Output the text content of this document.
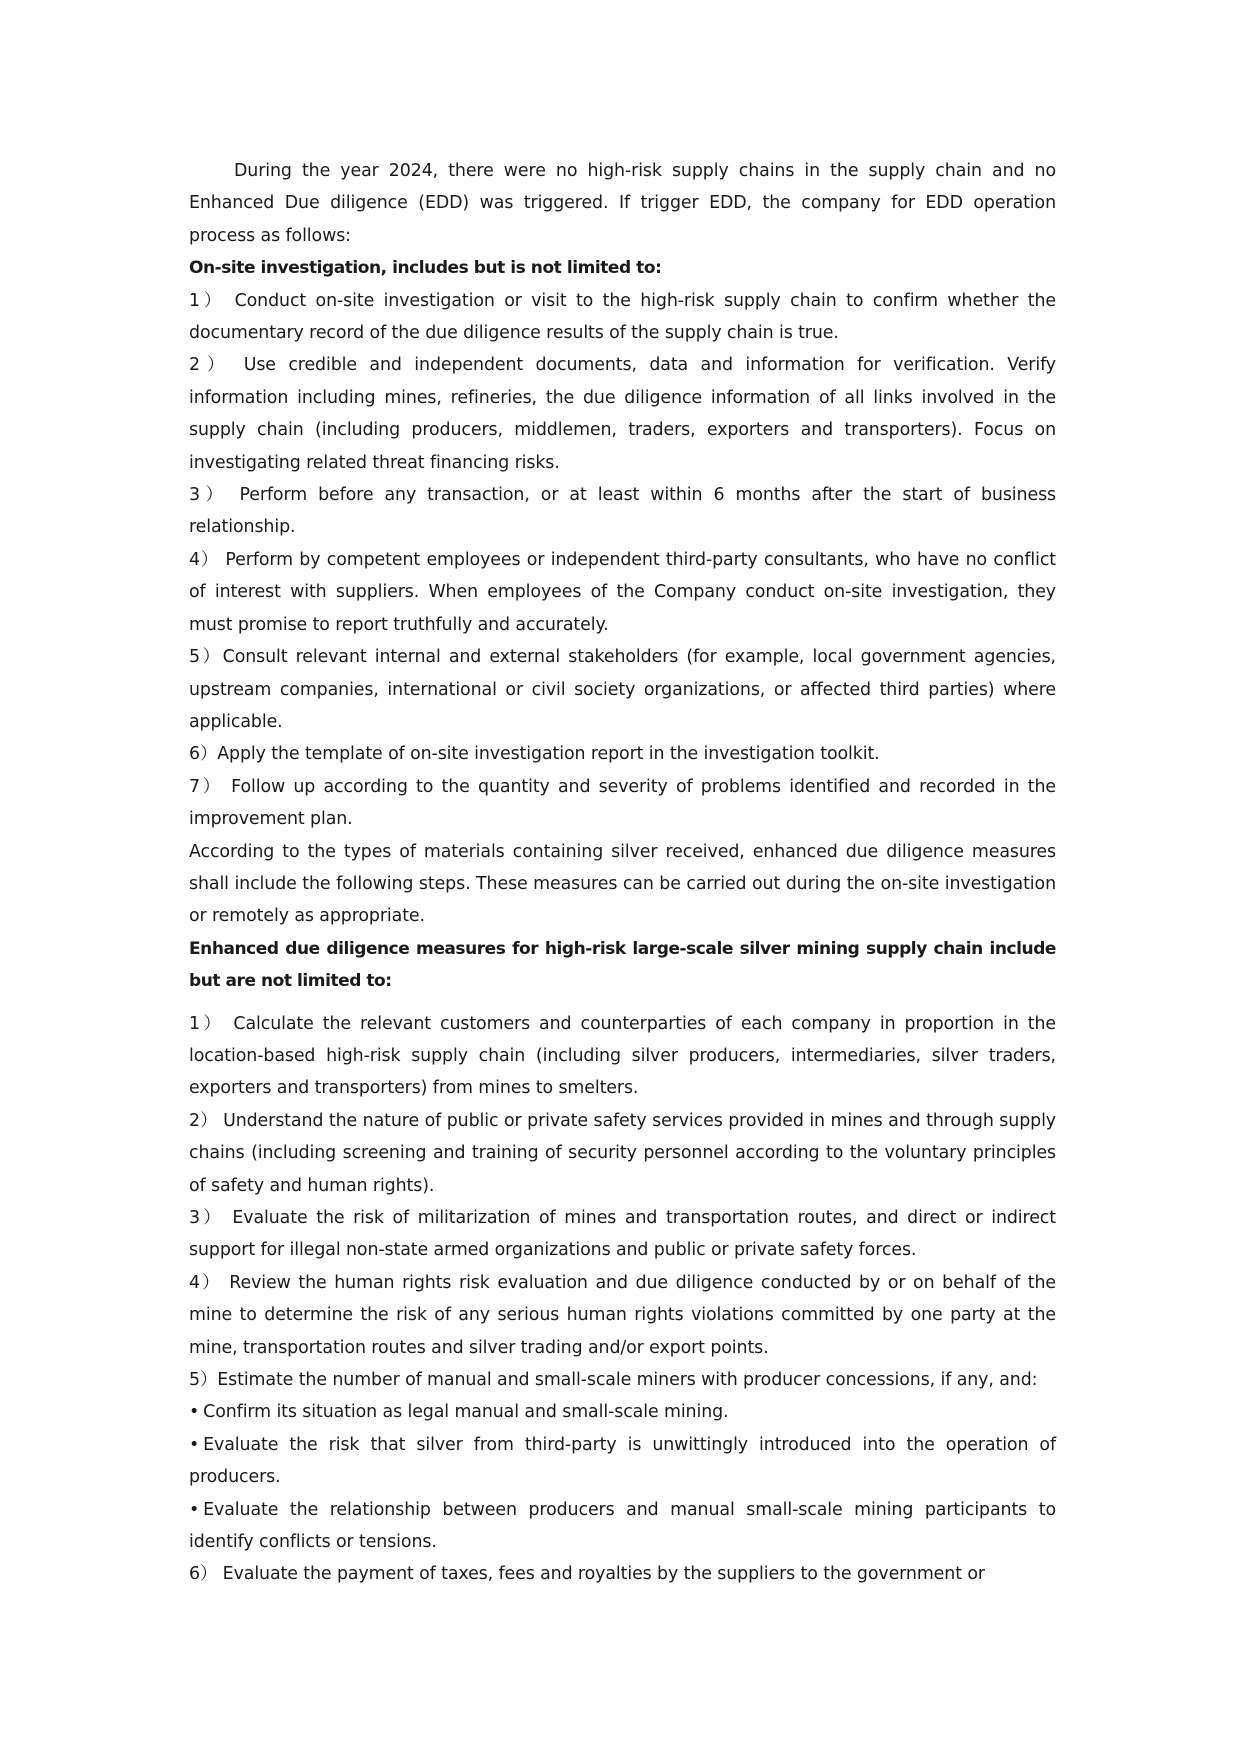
During the year 2024, there were no high-risk supply chains in the supply chain and no Enhanced Due diligence (EDD) was triggered. If trigger EDD, the company for EDD operation process as follows:

On-site investigation, includes but is not limited to:

1） Conduct on-site investigation or visit to the high-risk supply chain to confirm whether the documentary record of the due diligence results of the supply chain is true.

2） Use credible and independent documents, data and information for verification. Verify information including mines, refineries, the due diligence information of all links involved in the supply chain (including producers, middlemen, traders, exporters and transporters). Focus on investigating related threat financing risks.

3） Perform before any transaction, or at least within 6 months after the start of business relationship.

4） Perform by competent employees or independent third-party consultants, who have no conflict of interest with suppliers. When employees of the Company conduct on-site investigation, they must promise to report truthfully and accurately.

5）Consult relevant internal and external stakeholders (for example, local government agencies, upstream companies, international or civil society organizations, or affected third parties) where applicable.

6）Apply the template of on-site investigation report in the investigation toolkit.

7） Follow up according to the quantity and severity of problems identified and recorded in the improvement plan.

According to the types of materials containing silver received, enhanced due diligence measures shall include the following steps. These measures can be carried out during the on-site investigation or remotely as appropriate.

Enhanced due diligence measures for high-risk large-scale silver mining supply chain include but are not limited to:

1） Calculate the relevant customers and counterparties of each company in proportion in the location-based high-risk supply chain (including silver producers, intermediaries, silver traders, exporters and transporters) from mines to smelters.

2） Understand the nature of public or private safety services provided in mines and through supply chains (including screening and training of security personnel according to the voluntary principles of safety and human rights).

3） Evaluate the risk of militarization of mines and transportation routes, and direct or indirect support for illegal non-state armed organizations and public or private safety forces.

4） Review the human rights risk evaluation and due diligence conducted by or on behalf of the mine to determine the risk of any serious human rights violations committed by one party at the mine, transportation routes and silver trading and/or export points.

5）Estimate the number of manual and small-scale miners with producer concessions, if any, and:

• Confirm its situation as legal manual and small-scale mining.

• Evaluate the risk that silver from third-party is unwittingly introduced into the operation of producers.

• Evaluate the relationship between producers and manual small-scale mining participants to identify conflicts or tensions.

6） Evaluate the payment of taxes, fees and royalties by the suppliers to the government or
